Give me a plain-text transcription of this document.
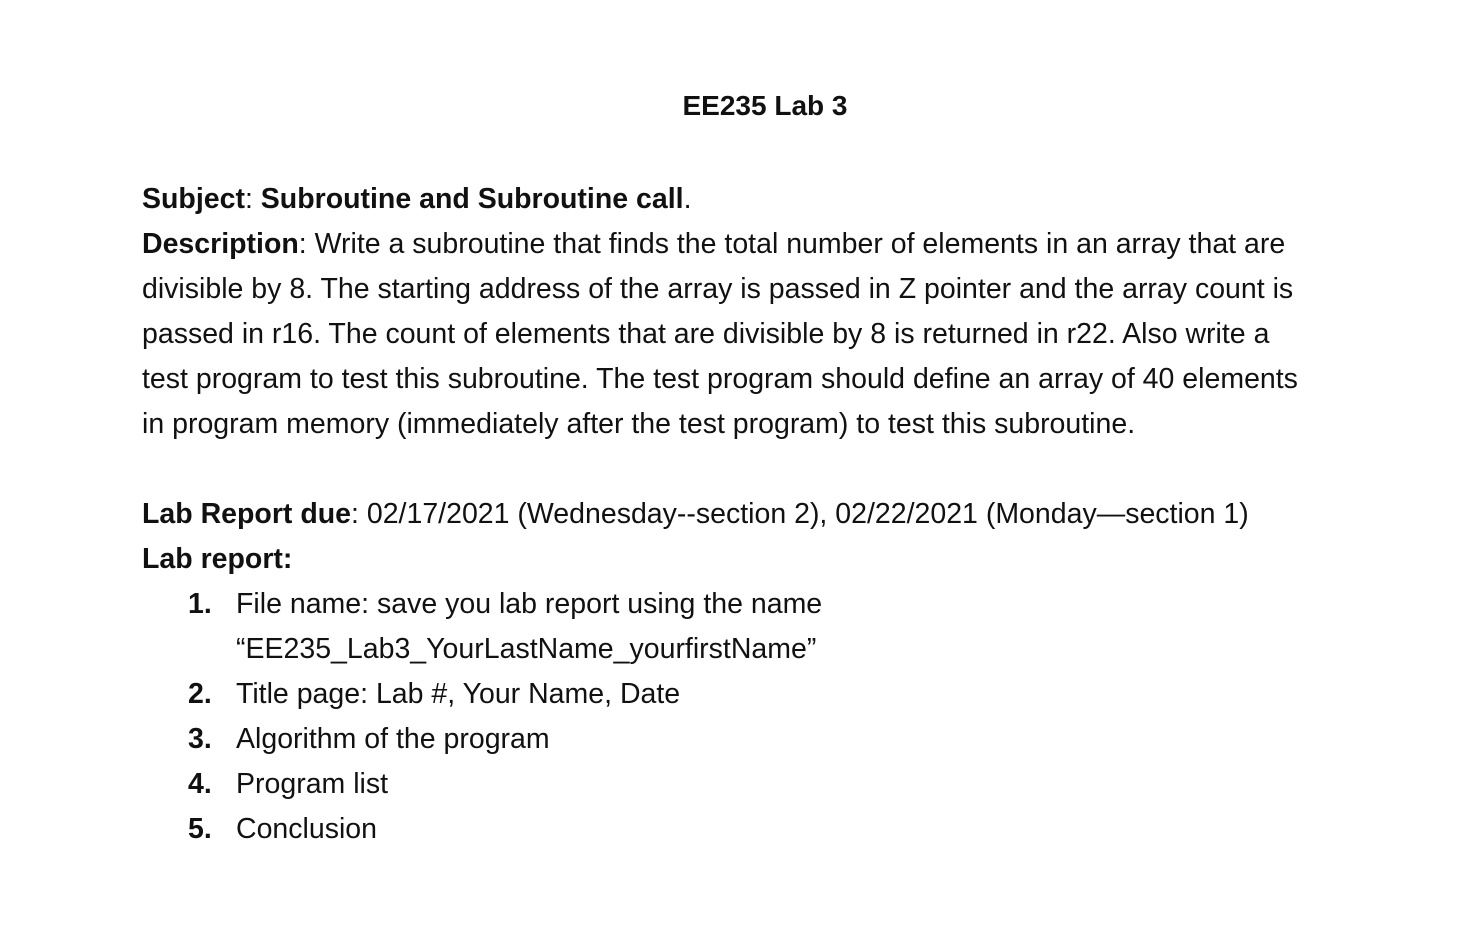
EE235 Lab 3
Subject: Subroutine and Subroutine call.
Description: Write a subroutine that finds the total number of elements in an array that are
divisible by 8. The starting address of the array is passed in Z pointer and the array count is
passed in r16. The count of elements that are divisible by 8 is returned in r22. Also write a
test program to test this subroutine. The test program should define an array of 40 elements
in program memory (immediately after the test program) to test this subroutine.
Lab Report due: 02/17/2021 (Wednesday--section 2), 02/22/2021 (Monday—section 1)
Lab report:
1. File name: save you lab report using the name
“EE235_Lab3_YourLastName_yourfirstName”
2. Title page: Lab #, Your Name, Date
3. Algorithm of the program
4. Program list
5. Conclusion
